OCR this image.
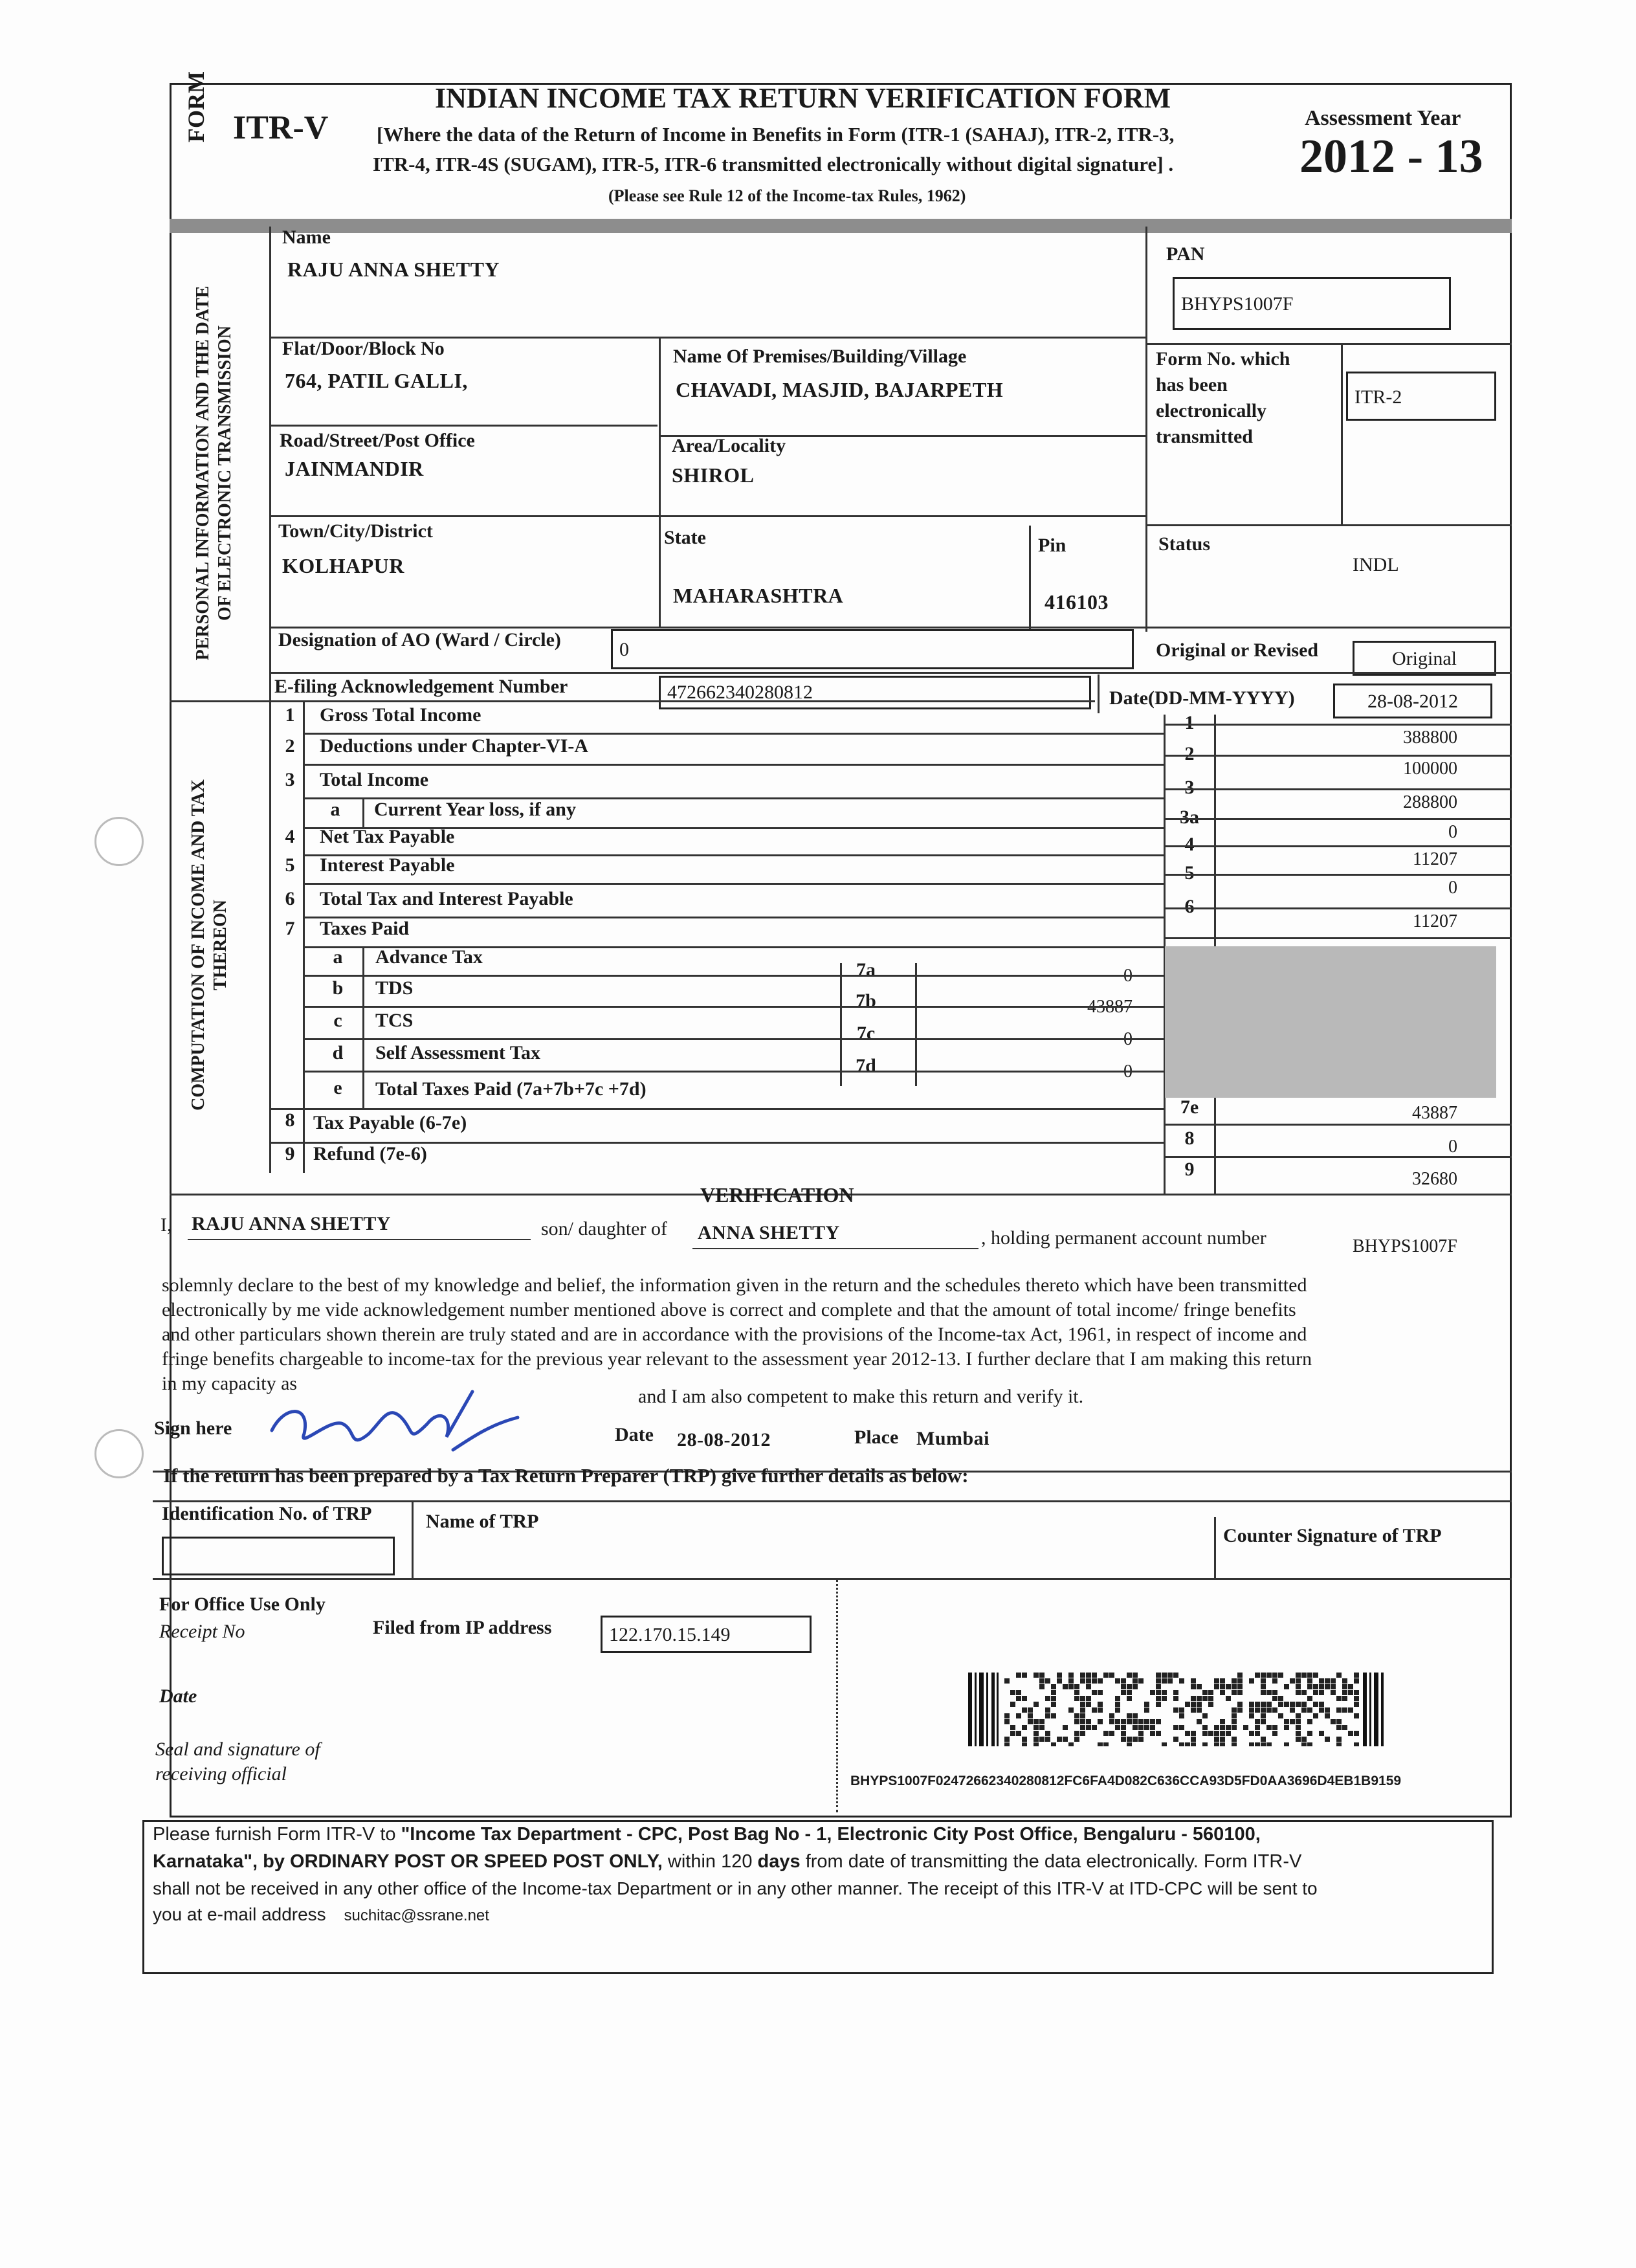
FORM ITR-V
INDIAN INCOME TAX RETURN VERIFICATION FORM
[Where the data of the Return of Income in Benefits in Form (ITR-1 (SAHAJ), ITR-2, ITR-3,
ITR-4, ITR-4S (SUGAM), ITR-5, ITR-6 transmitted electronically without digital signature] .
(Please see Rule 12 of the Income-tax Rules, 1962)
Assessment Year
2012 - 13
PERSONAL INFORMATION AND THE DATE OF ELECTRONIC TRANSMISSION
Name
RAJU ANNA SHETTY
PAN
BHYPS1007F
Flat/Door/Block No
764, PATIL GALLI,
Name Of Premises/Building/Village
CHAVADI, MASJID, BAJARPETH
Form No. which
has been
electronically
transmitted
ITR-2
Road/Street/Post Office
JAINMANDIR
Area/Locality
SHIROL
Town/City/District
KOLHAPUR
State
MAHARASHTRA
Pin
416103
Status
INDL
Designation of AO (Ward / Circle)	0	Original or Revised	Original
E-filing Acknowledgement Number	472662340280812	Date(DD-MM-YYYY)	28-08-2012
COMPUTATION OF INCOME AND TAX THEREON
1	Gross Total Income	1
388800
2	Deductions under Chapter-VI-A	2
100000
3	Total Income	3
288800
a	Current Year loss, if any	3a
0
4	Net Tax Payable	4
11207
5	Interest Payable	5
0
6	Total Tax and Interest Payable	6
11207
7	Taxes Paid
a	Advance Tax
7a	0
b	TDS
7b	43887
c	TCS
7c	0
d	Self Assessment Tax
7d	0
e	Total Taxes Paid (7a+7b+7c +7d)
7e	43887
8 Tax Payable (6-7e)
8	0
9 Refund (7e-6)
9	32680
VERIFICATION
I, RAJU ANNA SHETTY	son/ daughter of ANNA SHETTY	, holding permanent account number	BHYPS1007F
solemnly declare to the best of my knowledge and belief, the information given in the return and the schedules thereto which have been transmitted
electronically by me vide acknowledgement number mentioned above is correct and complete and that the amount of total income/ fringe benefits
and other particulars shown therein are truly stated and are in accordance with the provisions of the Income-tax Act, 1961, in respect of income and
fringe benefits chargeable to income-tax for the previous year relevant to the assessment year 2012-13. I further declare that I am making this return
in my capacity as
and I am also competent to make this return and verify it.
Sign here	Date 28-08-2012	Place Mumbai
If the return has been prepared by a Tax Return Preparer (TRP) give further details as below:
Identification No. of TRP	Name of TRP
Counter Signature of TRP
For Office Use Only
Receipt No
Date
Seal and signature of
receiving official
Filed from IP address	122.170.15.149
BHYPS1007F02472662340280812FC6FA4D082C636CCA93D5FD0AA3696D4EB1B9159
Please furnish Form ITR-V to "Income Tax Department - CPC, Post Bag No - 1, Electronic City Post Office, Bengaluru - 560100,
Karnataka", by ORDINARY POST OR SPEED POST ONLY, within 120 days from date of transmitting the data electronically. Form ITR-V
shall not be received in any other office of the Income-tax Department or in any other manner. The receipt of this ITR-V at ITD-CPC will be sent to
you at e-mail address suchitac@ssrane.net
